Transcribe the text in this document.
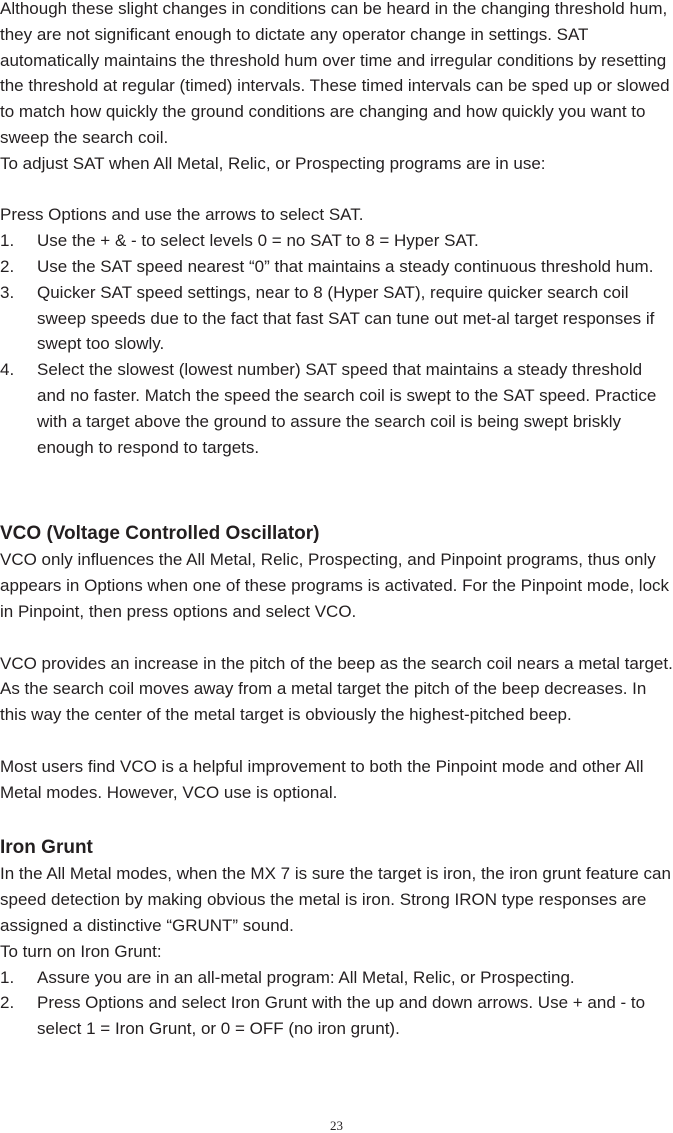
Although these slight changes in conditions can be heard in the changing threshold hum, they are not significant enough to dictate any operator change in settings. SAT automatically maintains the threshold hum over time and irregular conditions by resetting the threshold at regular (timed) intervals. These timed intervals can be sped up or slowed to match how quickly the ground conditions are changing and how quickly you want to sweep the search coil.

To adjust SAT when All Metal, Relic, or Prospecting programs are in use:

Press Options and use the arrows to select SAT.

1.	Use the + & - to select levels 0 = no SAT to 8 = Hyper SAT.
2.	Use the SAT speed nearest “0” that maintains a steady continuous threshold hum.
3.	Quicker SAT speed settings, near to 8 (Hyper SAT), require quicker search coil sweep speeds due to the fact that fast SAT can tune out met-al target responses if swept too slowly.
4.	Select the slowest (lowest number) SAT speed that maintains a steady threshold and no faster. Match the speed the search coil is swept to the SAT speed. Practice with a target above the ground to assure the search coil is being swept briskly enough to respond to targets.
VCO (Voltage Controlled Oscillator)

VCO only influences the All Metal, Relic, Prospecting, and Pinpoint programs, thus only appears in Options when one of these programs is activated. For the Pinpoint mode, lock in Pinpoint, then press options and select VCO.

VCO provides an increase in the pitch of the beep as the search coil nears a metal target. As the search coil moves away from a metal target the pitch of the beep decreases. In this way the center of the metal target is obviously the highest-pitched beep.

Most users find VCO is a helpful improvement to both the Pinpoint mode and other All Metal modes. However, VCO use is optional.

Iron Grunt

In the All Metal modes, when the MX 7 is sure the target is iron, the iron grunt feature can speed detection by making obvious the metal is iron. Strong IRON type responses are assigned a distinctive “GRUNT” sound.

To turn on Iron Grunt:

1.	Assure you are in an all-metal program: All Metal, Relic, or Prospecting.
2.	Press Options and select Iron Grunt with the up and down arrows. Use + and - to select 1 = Iron Grunt, or 0 = OFF (no iron grunt).
23
